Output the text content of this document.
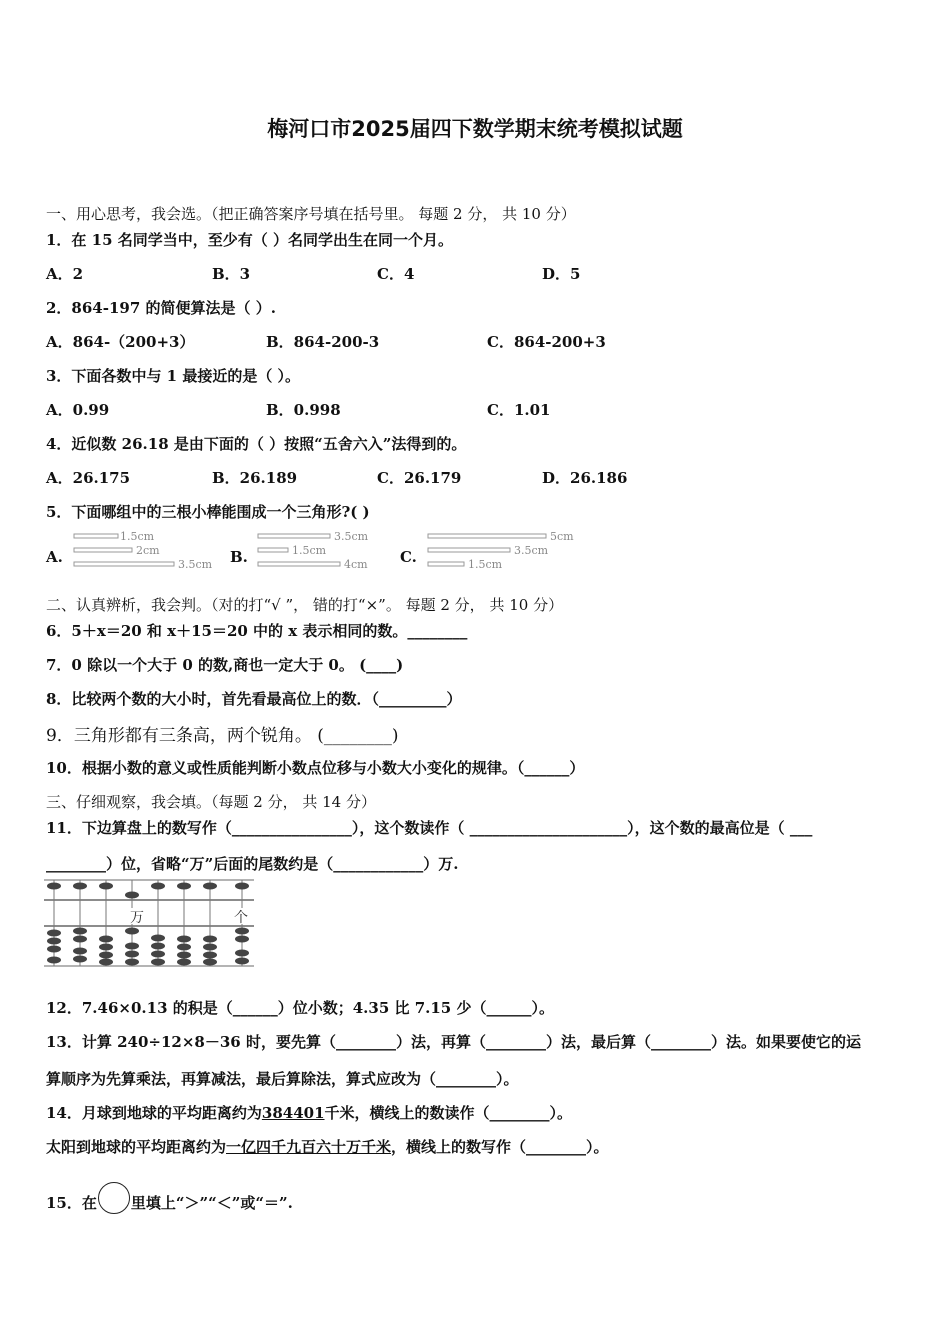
梅河口市2025届四下数学期末统考模拟试题
一、用心思考，我会选。（把正确答案序号填在括号里。 每题 2 分， 共 10 分）
1．在 15 名同学当中，至少有（ ）名同学出生在同一个月。
A．2	B．3	C．4	D．5
2．864-197 的简便算法是（ ）.
A．864-（200+3）	B．864-200-3	C．864-200+3
3．下面各数中与 1 最接近的是（ ）。
A．0.99	B．0.998	C．1.01
4．近似数 26.18 是由下面的（ ）按照“五舍六入”法得到的。
A．26.175	B．26.189	C．26.179	D．26.186
5．下面哪组中的三根小棒能围成一个三角形?( )
A.
1.5cm
2cm
3.5cm B.
3.5cm
1.5cm
4cm C.
5cm
3.5cm
1.5cm
二、认真辨析，我会判。（对的打“√ ”， 错的打“×”。 每题 2 分， 共 10 分）
6．5＋x＝20 和 x＋15＝20 中的 x 表示相同的数。________
7．0 除以一个大于 0 的数,商也一定大于 0。 (____)
8．比较两个数的大小时，首先看最高位上的数．（_________）
9．三角形都有三条高，两个锐角。 (________)
10．根据小数的意义或性质能判断小数点位移与小数大小变化的规律。（______）
三、仔细观察，我会填。（每题 2 分， 共 14 分）
11．下边算盘上的数写作（________________），这个数读作（ _____________________），这个数的最高位是（ ___
________）位，省略“万”后面的尾数约是（____________）万.
万	个
12．7.46×0.13 的积是（______）位小数；4.35 比 7.15 少（______）。
13．计算 240÷12×8－36 时，要先算（________）法，再算（________）法，最后算（________）法。如果要使它的运
算顺序为先算乘法，再算减法，最后算除法，算式应改为（________）。
14．月球到地球的平均距离约为384401千米，横线上的数读作（________）。
太阳到地球的平均距离约为一亿四千九百六十万千米，横线上的数写作（________）。
15．在 里填上“＞”“＜”或“＝”.
